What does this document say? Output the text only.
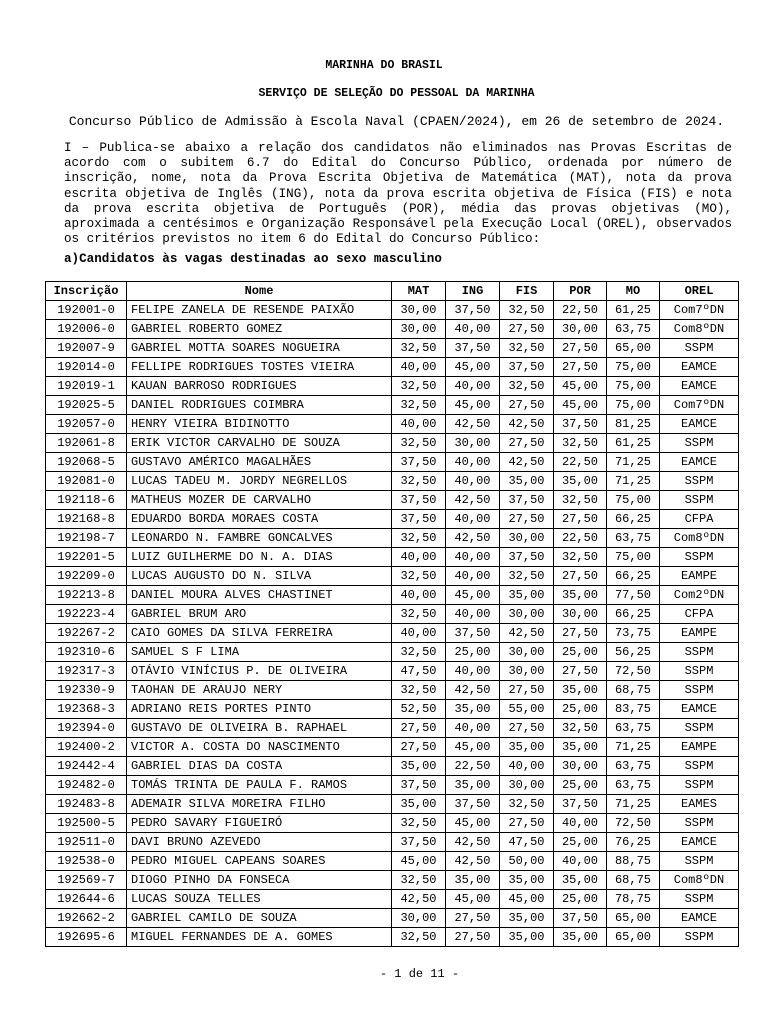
MARINHA DO BRASIL
SERVIÇO DE SELEÇÃO DO PESSOAL DA MARINHA
Concurso Público de Admissão à Escola Naval (CPAEN/2024), em 26 de setembro de 2024.

I – Publica-se abaixo a relação dos candidatos não eliminados nas Provas Escritas de acordo com o subitem 6.7 do Edital do Concurso Público, ordenada por número de inscrição, nome, nota da Prova Escrita Objetiva de Matemática (MAT), nota da prova escrita objetiva de Inglês (ING), nota da prova escrita objetiva de Física (FIS) e nota da prova escrita objetiva de Português (POR), média das provas objetivas (MO), aproximada a centésimos e Organização Responsável pela Execução Local (OREL), observados os critérios previstos no item 6 do Edital do Concurso Público:

a)Candidatos às vagas destinadas ao sexo masculino
Inscrição	Nome	MAT	ING	FIS	POR	MO	OREL
192001-0	FELIPE ZANELA DE RESENDE PAIXÃO	30,00	37,50	32,50	22,50	61,25	Com7ºDN
192006-0	GABRIEL ROBERTO GOMEZ	30,00	40,00	27,50	30,00	63,75	Com8ºDN
192007-9	GABRIEL MOTTA SOARES NOGUEIRA	32,50	37,50	32,50	27,50	65,00	SSPM
192014-0	FELLIPE RODRIGUES TOSTES VIEIRA	40,00	45,00	37,50	27,50	75,00	EAMCE
192019-1	KAUAN BARROSO RODRIGUES	32,50	40,00	32,50	45,00	75,00	EAMCE
192025-5	DANIEL RODRIGUES COIMBRA	32,50	45,00	27,50	45,00	75,00	Com7ºDN
192057-0	HENRY VIEIRA BIDINOTTO	40,00	42,50	42,50	37,50	81,25	EAMCE
192061-8	ERIK VICTOR CARVALHO DE SOUZA	32,50	30,00	27,50	32,50	61,25	SSPM
192068-5	GUSTAVO AMÉRICO MAGALHÃES	37,50	40,00	42,50	22,50	71,25	EAMCE
192081-0	LUCAS TADEU M. JORDY NEGRELLOS	32,50	40,00	35,00	35,00	71,25	SSPM
192118-6	MATHEUS MOZER DE CARVALHO	37,50	42,50	37,50	32,50	75,00	SSPM
192168-8	EDUARDO BORDA MORAES COSTA	37,50	40,00	27,50	27,50	66,25	CFPA
192198-7	LEONARDO N. FAMBRE GONCALVES	32,50	42,50	30,00	22,50	63,75	Com8ºDN
192201-5	LUIZ GUILHERME DO N. A. DIAS	40,00	40,00	37,50	32,50	75,00	SSPM
192209-0	LUCAS AUGUSTO DO N. SILVA	32,50	40,00	32,50	27,50	66,25	EAMPE
192213-8	DANIEL MOURA ALVES CHASTINET	40,00	45,00	35,00	35,00	77,50	Com2ºDN
192223-4	GABRIEL BRUM ARO	32,50	40,00	30,00	30,00	66,25	CFPA
192267-2	CAIO GOMES DA SILVA FERREIRA	40,00	37,50	42,50	27,50	73,75	EAMPE
192310-6	SAMUEL S F LIMA	32,50	25,00	30,00	25,00	56,25	SSPM
192317-3	OTÁVIO VINÍCIUS P. DE OLIVEIRA	47,50	40,00	30,00	27,50	72,50	SSPM
192330-9	TAOHAN DE ARAUJO NERY	32,50	42,50	27,50	35,00	68,75	SSPM
192368-3	ADRIANO REIS PORTES PINTO	52,50	35,00	55,00	25,00	83,75	EAMCE
192394-0	GUSTAVO DE OLIVEIRA B. RAPHAEL	27,50	40,00	27,50	32,50	63,75	SSPM
192400-2	VICTOR A. COSTA DO NASCIMENTO	27,50	45,00	35,00	35,00	71,25	EAMPE
192442-4	GABRIEL DIAS DA COSTA	35,00	22,50	40,00	30,00	63,75	SSPM
192482-0	TOMÁS TRINTA DE PAULA F. RAMOS	37,50	35,00	30,00	25,00	63,75	SSPM
192483-8	ADEMAIR SILVA MOREIRA FILHO	35,00	37,50	32,50	37,50	71,25	EAMES
192500-5	PEDRO SAVARY FIGUEIRÓ	32,50	45,00	27,50	40,00	72,50	SSPM
192511-0	DAVI BRUNO AZEVEDO	37,50	42,50	47,50	25,00	76,25	EAMCE
192538-0	PEDRO MIGUEL CAPEANS SOARES	45,00	42,50	50,00	40,00	88,75	SSPM
192569-7	DIOGO PINHO DA FONSECA	32,50	35,00	35,00	35,00	68,75	Com8ºDN
192644-6	LUCAS SOUZA TELLES	42,50	45,00	45,00	25,00	78,75	SSPM
192662-2	GABRIEL CAMILO DE SOUZA	30,00	27,50	35,00	37,50	65,00	EAMCE
192695-6	MIGUEL FERNANDES DE A. GOMES	32,50	27,50	35,00	35,00	65,00	SSPM
- 1 de 11 -
